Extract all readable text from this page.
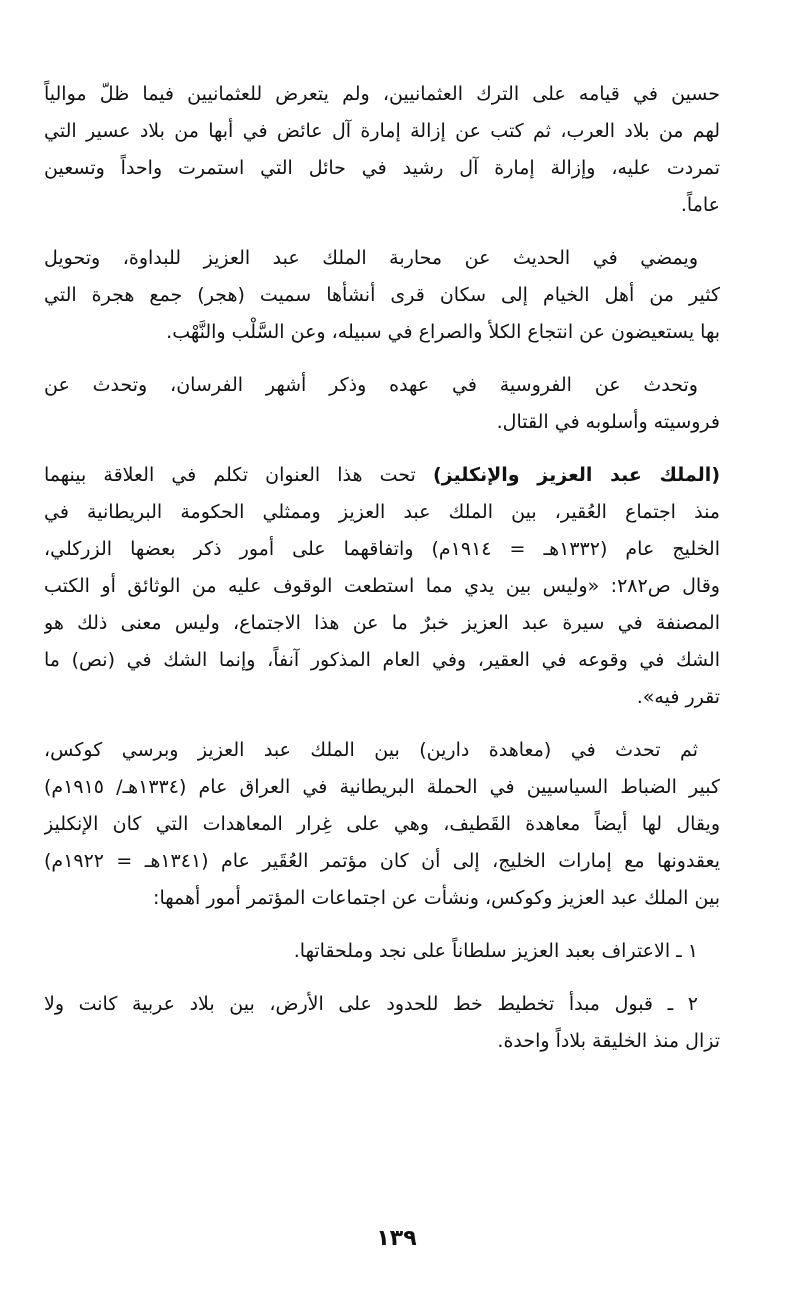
حسين في قيامه على الترك العثمانيين، ولم يتعرض للعثمانيين فيما ظلّ موالياً
لهم من بلاد العرب، ثم كتب عن إزالة إمارة آل عائض في أبها من بلاد عسير التي
تمردت عليه، وإزالة إمارة آل رشيد في حائل التي استمرت واحداً وتسعين
عاماً.
ويمضي في الحديث عن محاربة الملك عبد العزيز للبداوة، وتحويل
كثير من أهل الخيام إلى سكان قرى أنشأها سميت (هجر) جمع هجرة التي
بها يستعيضون عن انتجاع الكلأ والصراع في سبيله، وعن السَّلْب والنَّهْب.
وتحدث عن الفروسية في عهده وذكر أشهر الفرسان، وتحدث عن
فروسيته وأسلوبه في القتال.
(الملك عبد العزيز والإنكليز) تحت هذا العنوان تكلم في العلاقة بينهما
منذ اجتماع العُقير، بين الملك عبد العزيز وممثلي الحكومة البريطانية في
الخليج عام (١٣٣٢هـ = ١٩١٤م) واتفاقهما على أمور ذكر بعضها الزركلي،
وقال ص٢٨٢: «وليس بين يدي مما استطعت الوقوف عليه من الوثائق أو الكتب
المصنفة في سيرة عبد العزيز خبرٌ ما عن هذا الاجتماع، وليس معنى ذلك هو
الشك في وقوعه في العقير، وفي العام المذكور آنفاً، وإنما الشك في (نص) ما
تقرر فيه».
ثم تحدث في (معاهدة دارين) بين الملك عبد العزيز وبرسي كوكس،
كبير الضباط السياسيين في الحملة البريطانية في العراق عام (١٣٣٤هـ/ ١٩١٥م)
ويقال لها أيضاً معاهدة القَطيف، وهي على غِرار المعاهدات التي كان الإنكليز
يعقدونها مع إمارات الخليج، إلى أن كان مؤتمر العُقَير عام (١٣٤١هـ = ١٩٢٢م)
بين الملك عبد العزيز وكوكس، ونشأت عن اجتماعات المؤتمر أمور أهمها:
١ ـ الاعتراف بعبد العزيز سلطاناً على نجد وملحقاتها.
٢ ـ قبول مبدأ تخطيط خط للحدود على الأرض، بين بلاد عربية كانت ولا
تزال منذ الخليقة بلاداً واحدة.
١٣٩
